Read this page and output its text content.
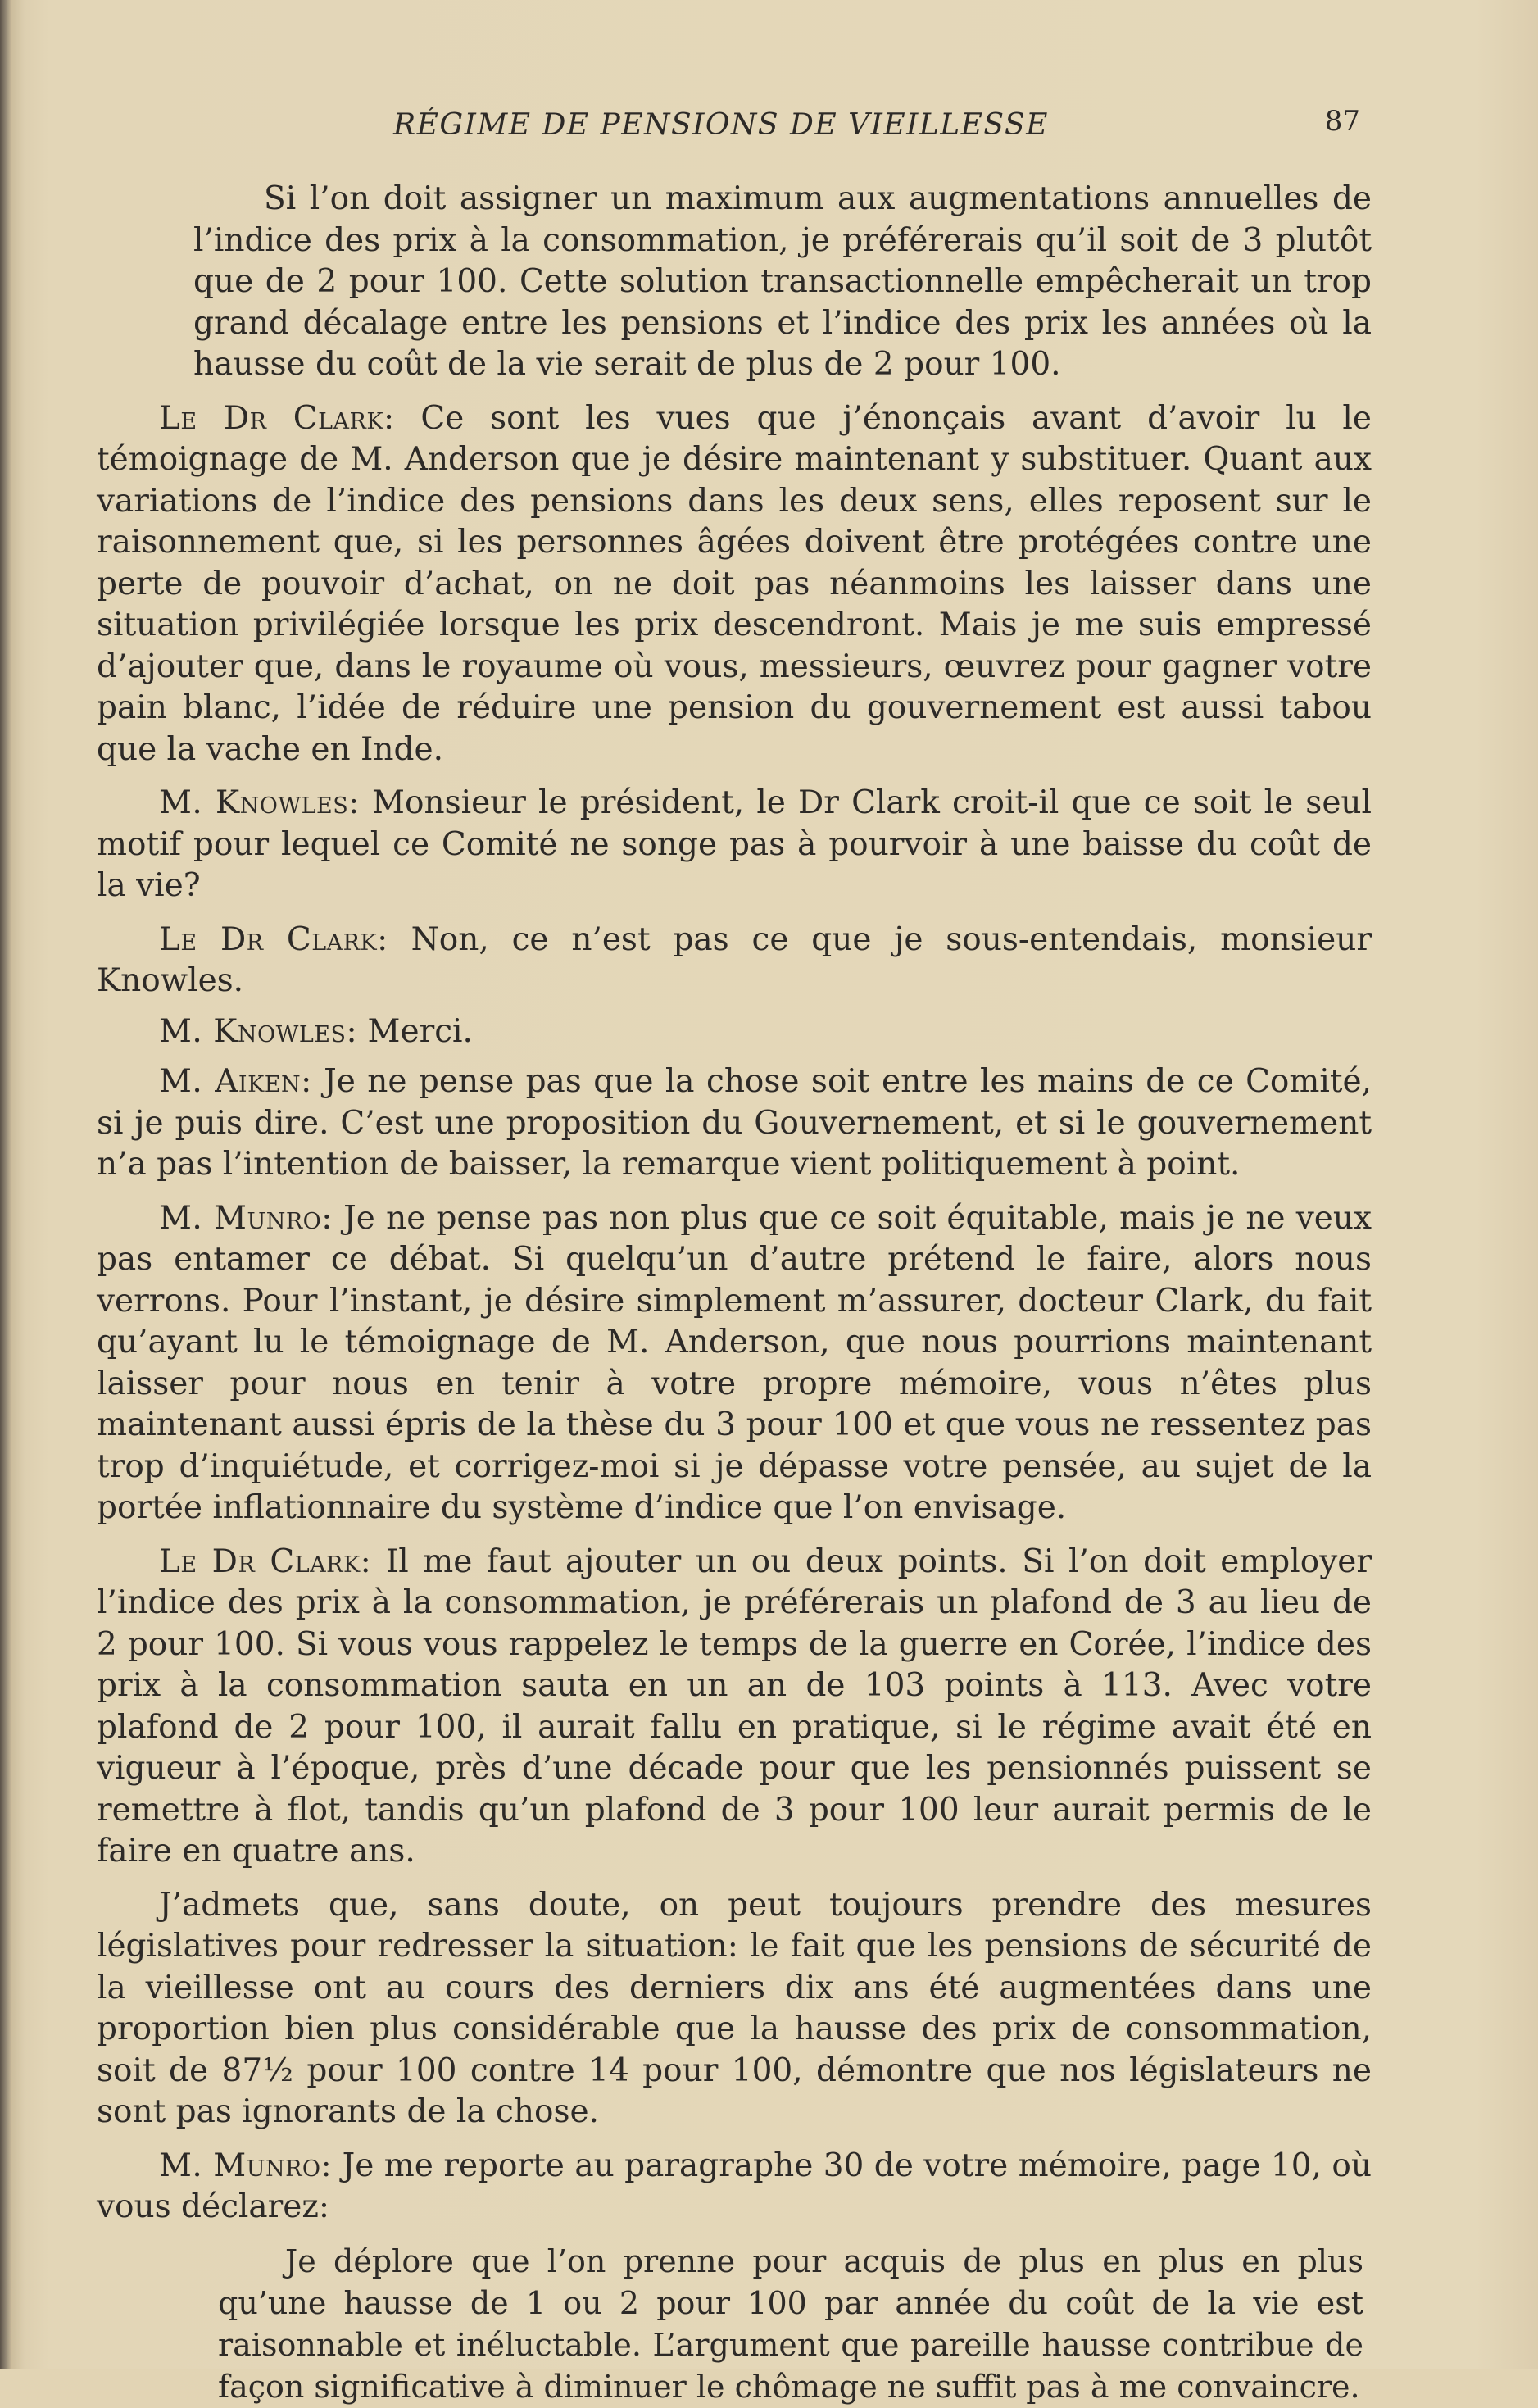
RÉGIME DE PENSIONS DE VIEILLESSE	87

Si l’on doit assigner un maximum aux augmentations annuelles de l’indice des prix à la consommation, je préférerais qu’il soit de 3 plutôt que de 2 pour 100. Cette solution transactionnelle empêcherait un trop grand décalage entre les pensions et l’indice des prix les années où la hausse du coût de la vie serait de plus de 2 pour 100.

Le Dr Clark: Ce sont les vues que j’énonçais avant d’avoir lu le témoignage de M. Anderson que je désire maintenant y substituer. Quant aux variations de l’indice des pensions dans les deux sens, elles reposent sur le raisonnement que, si les personnes âgées doivent être protégées contre une perte de pouvoir d’achat, on ne doit pas néanmoins les laisser dans une situation privilégiée lorsque les prix descendront. Mais je me suis empressé d’ajouter que, dans le royaume où vous, messieurs, œuvrez pour gagner votre pain blanc, l’idée de réduire une pension du gouvernement est aussi tabou que la vache en Inde.

M. Knowles: Monsieur le président, le Dr Clark croit-il que ce soit le seul motif pour lequel ce Comité ne songe pas à pourvoir à une baisse du coût de la vie?

Le Dr Clark: Non, ce n’est pas ce que je sous-entendais, monsieur Knowles.

M. Knowles: Merci.

M. Aiken: Je ne pense pas que la chose soit entre les mains de ce Comité, si je puis dire. C’est une proposition du Gouvernement, et si le gouvernement n’a pas l’intention de baisser, la remarque vient politiquement à point.

M. Munro: Je ne pense pas non plus que ce soit équitable, mais je ne veux pas entamer ce débat. Si quelqu’un d’autre prétend le faire, alors nous verrons. Pour l’instant, je désire simplement m’assurer, docteur Clark, du fait qu’ayant lu le témoignage de M. Anderson, que nous pourrions maintenant laisser pour nous en tenir à votre propre mémoire, vous n’êtes plus maintenant aussi épris de la thèse du 3 pour 100 et que vous ne ressentez pas trop d’inquiétude, et corrigez-moi si je dépasse votre pensée, au sujet de la portée inflationnaire du système d’indice que l’on envisage.

Le Dr Clark: Il me faut ajouter un ou deux points. Si l’on doit employer l’indice des prix à la consommation, je préférerais un plafond de 3 au lieu de 2 pour 100. Si vous vous rappelez le temps de la guerre en Corée, l’indice des prix à la consommation sauta en un an de 103 points à 113. Avec votre plafond de 2 pour 100, il aurait fallu en pratique, si le régime avait été en vigueur à l’époque, près d’une décade pour que les pensionnés puissent se remettre à flot, tandis qu’un plafond de 3 pour 100 leur aurait permis de le faire en quatre ans.

J’admets que, sans doute, on peut toujours prendre des mesures législatives pour redresser la situation: le fait que les pensions de sécurité de la vieillesse ont au cours des derniers dix ans été augmentées dans une proportion bien plus considérable que la hausse des prix de consommation, soit de 87½ pour 100 contre 14 pour 100, démontre que nos législateurs ne sont pas ignorants de la chose.

M. Munro: Je me reporte au paragraphe 30 de votre mémoire, page 10, où vous déclarez:

Je déplore que l’on prenne pour acquis de plus en plus en plus qu’une hausse de 1 ou 2 pour 100 par année du coût de la vie est raisonnable et inéluctable. L’argument que pareille hausse contribue de façon significative à diminuer le chômage ne suffit pas à me convaincre.
